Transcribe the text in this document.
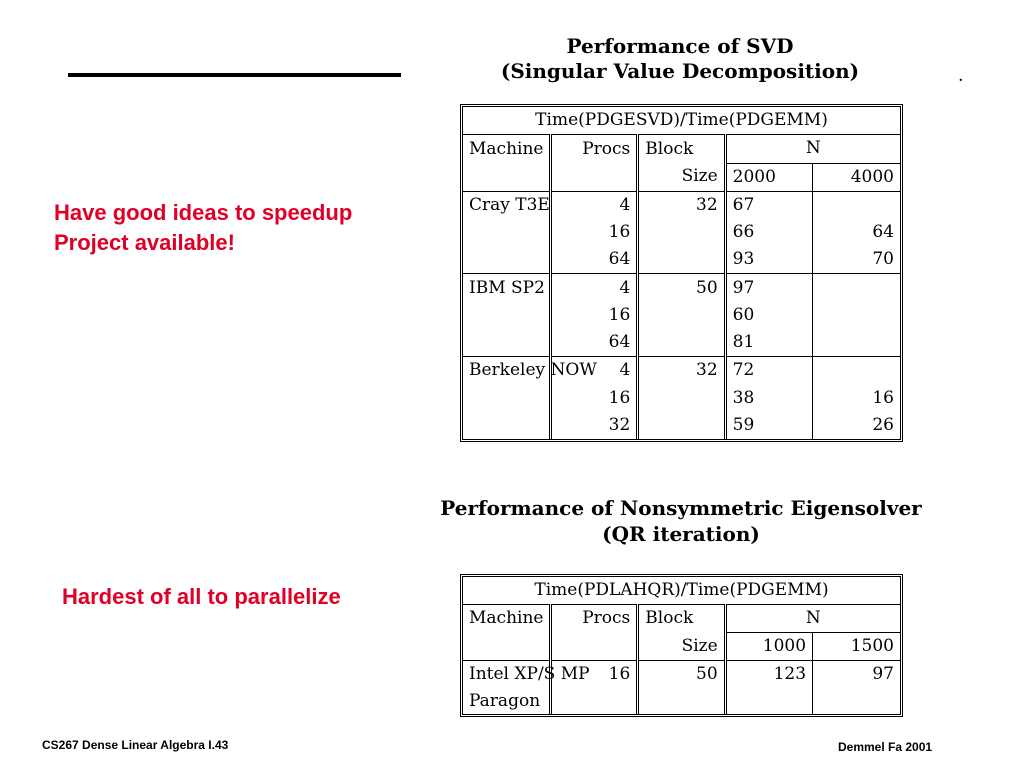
.
Performance of SVD
(Singular Value Decomposition)
Have good ideas to speedup
Project available!
Time(PDGESVD)/Time(PDGEMM)				
Machine	Procs	Block	N	
		Size	2000	4000
Cray T3E	4	32	67	
	16		66	64
	64		93	70
IBM SP2	4	50	97	
	16		60	
	64		81	
Berkeley NOW	4	32	72	
	16		38	16
	32		59	26
Performance of Nonsymmetric Eigensolver
(QR iteration)
Hardest of all to parallelize	Time(PDLAHQR)/Time(PDGEMM)				
Machine	Procs	Block	N	
		Size	1000	1500
Intel XP/S MP	16	50	123	97
Paragon				
CS267 Dense Linear Algebra I.43	Demmel Fa 2001
